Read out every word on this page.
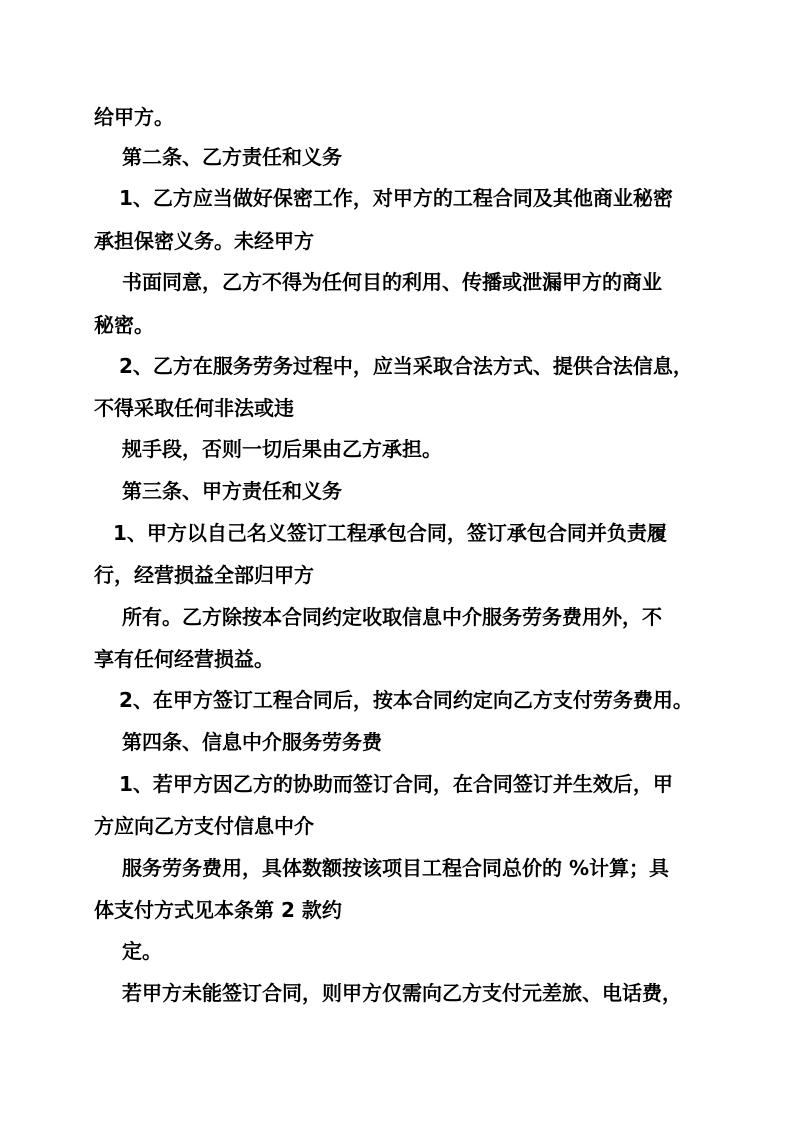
给甲方。
第二条、乙方责任和义务
1、乙方应当做好保密工作，对甲方的工程合同及其他商业秘密
承担保密义务。未经甲方
书面同意，乙方不得为任何目的利用、传播或泄漏甲方的商业
秘密。
2、乙方在服务劳务过程中，应当采取合法方式、提供合法信息，
不得采取任何非法或违
规手段，否则一切后果由乙方承担。
第三条、甲方责任和义务
1、甲方以自己名义签订工程承包合同，签订承包合同并负责履
行，经营损益全部归甲方
所有。乙方除按本合同约定收取信息中介服务劳务费用外，不
享有任何经营损益。
2、在甲方签订工程合同后，按本合同约定向乙方支付劳务费用。
第四条、信息中介服务劳务费
1、若甲方因乙方的协助而签订合同，在合同签订并生效后，甲
方应向乙方支付信息中介
服务劳务费用，具体数额按该项目工程合同总价的 %计算；具
体支付方式见本条第 2 款约
定。
若甲方未能签订合同，则甲方仅需向乙方支付元差旅、电话费，
